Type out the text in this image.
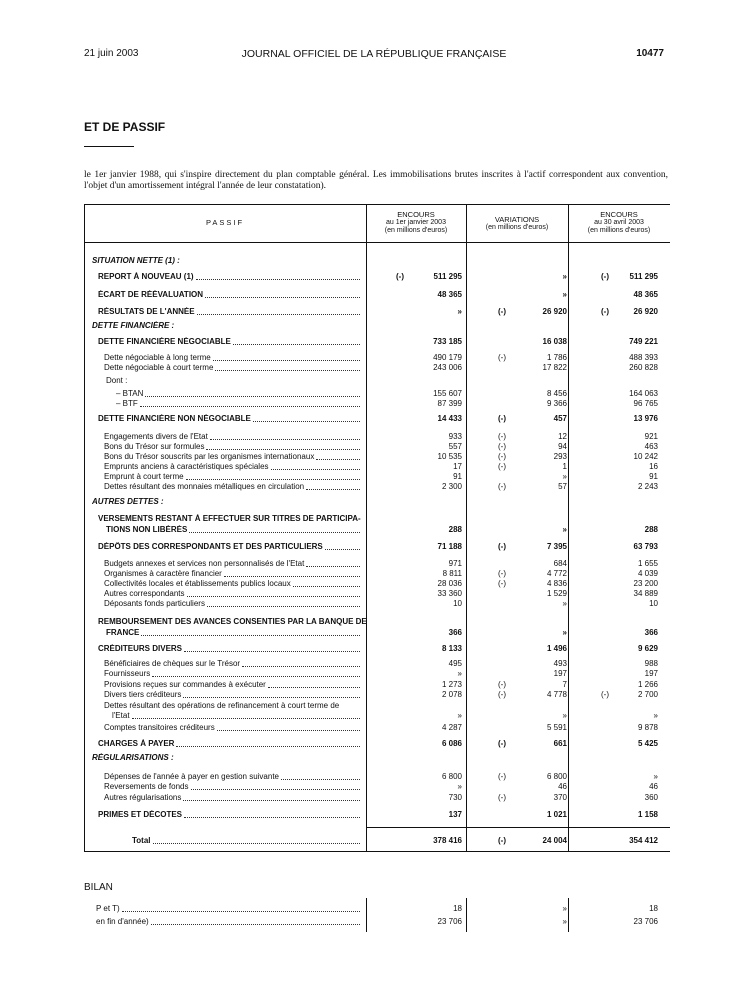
21 juin 2003	JOURNAL OFFICIEL DE LA RÉPUBLIQUE FRANÇAISE	10477
ET DE PASSIF
le 1er janvier 1988, qui s'inspire directement du plan comptable général. Les immobilisations brutes inscrites à l'actif correspondent aux convention, l'objet d'un amortissement intégral l'année de leur constatation).
PASSIF
ENCOURS
au 1er janvier 2003
(en millions d'euros)
VARIATIONS
(en millions d'euros)
ENCOURS
au 30 avril 2003
(en millions d'euros)
SITUATION NETTE (1) :
REPORT À NOUVEAU (1)	(-)	511 295	»	(-)	511 295
ÉCART DE RÉÉVALUATION	48 365	»	48 365
RÉSULTATS DE L'ANNÉE	»	(-)	26 920	(-)	26 920
DETTE FINANCIÈRE :
DETTE FINANCIÈRE NÉGOCIABLE	733 185	16 038	749 221
Dette négociable à long terme	490 179	(-)	1 786	488 393
Dette négociable à court terme	243 006	17 822	260 828
Dont :
– BTAN	155 607	8 456	164 063
– BTF	87 399	9 366	96 765
DETTE FINANCIÈRE NON NÉGOCIABLE	14 433	(-)	457	13 976
Engagements divers de l'Etat	933	(-)	12	921
Bons du Trésor sur formules	557	(-)	94	463
Bons du Trésor souscrits par les organismes internationaux	10 535	(-)	293	10 242
Emprunts anciens à caractéristiques spéciales	17	(-)	1	16
Emprunt à court terme	91	»	91
Dettes résultant des monnaies métalliques en circulation	2 300	(-)	57	2 243
AUTRES DETTES :
VERSEMENTS RESTANT À EFFECTUER SUR TITRES DE PARTICIPA-
TIONS NON LIBÉRÉS	288	»	288
DÉPÔTS DES CORRESPONDANTS ET DES PARTICULIERS	71 188	(-)	7 395	63 793
Budgets annexes et services non personnalisés de l'Etat	971	684	1 655
Organismes à caractère financier	8 811	(-)	4 772	4 039
Collectivités locales et établissements publics locaux	28 036	(-)	4 836	23 200
Autres correspondants	33 360	1 529	34 889
Déposants fonds particuliers	10	»	10
REMBOURSEMENT DES AVANCES CONSENTIES PAR LA BANQUE DE
FRANCE	366	»	366
CRÉDITEURS DIVERS	8 133	1 496	9 629
Bénéficiaires de chèques sur le Trésor	495	493	988
Fournisseurs	»	197	197
Provisions reçues sur commandes à exécuter	1 273	(-)	7	1 266
Divers tiers créditeurs	2 078	(-)	4 778	(-)	2 700
Dettes résultant des opérations de refinancement à court terme de
l'Etat	»	»	»
Comptes transitoires créditeurs	4 287	5 591	9 878
CHARGES À PAYER	6 086	(-)	661	5 425
RÉGULARISATIONS :
Dépenses de l'année à payer en gestion suivante	6 800	(-)	6 800	»
Reversements de fonds	»	46	46
Autres régularisations	730	(-)	370	360
PRIMES ET DÉCOTES	137	1 021	1 158
Total	378 416	(-)	24 004	354 412
BILAN
P et T)	18	»	18
en fin d'année)	23 706	»	23 706
